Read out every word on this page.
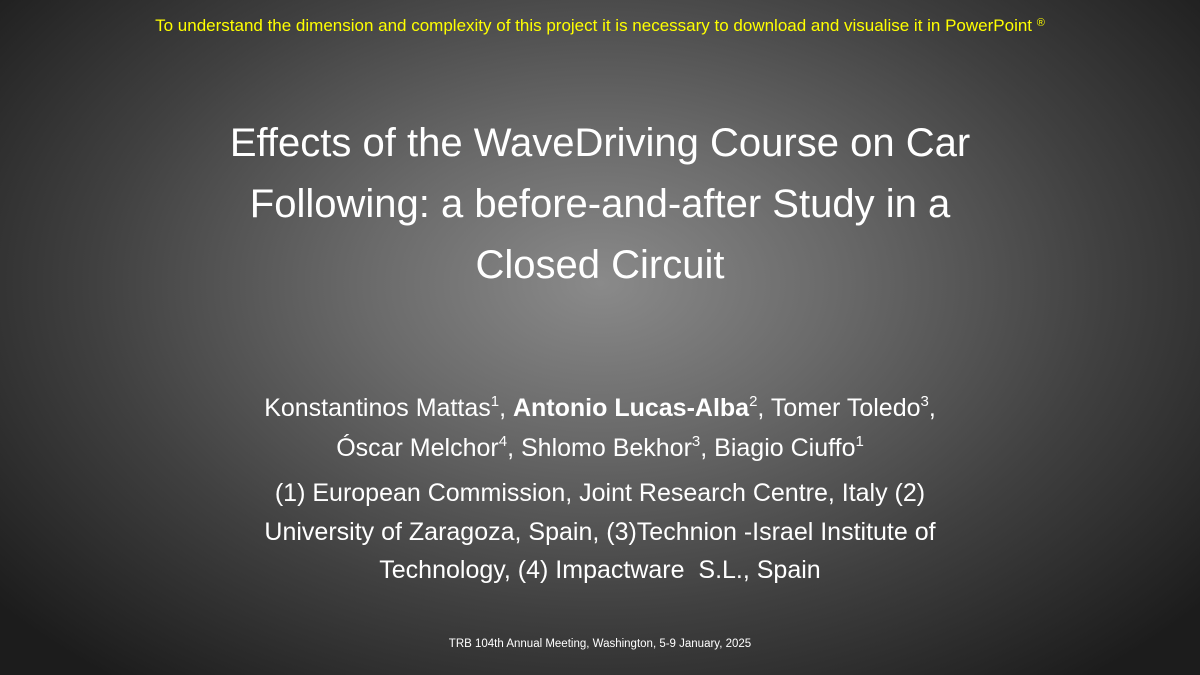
To understand the dimension and complexity of this project it is necessary to download and visualise it in PowerPoint ®
Effects of the WaveDriving Course on Car
Following: a before-and-after Study in a
Closed Circuit
Konstantinos Mattas$^1$, Antonio Lucas-Alba$^2$, Tomer Toledo$^3$,
Óscar Melchor$^4$, Shlomo Bekhor$^3$, Biagio Ciuffo$^1$
(1) European Commission, Joint Research Centre, Italy (2)
University of Zaragoza, Spain, (3)Technion -Israel Institute of
Technology, (4) Impactware  S.L., Spain
TRB 104th Annual Meeting, Washington, 5-9 January, 2025
